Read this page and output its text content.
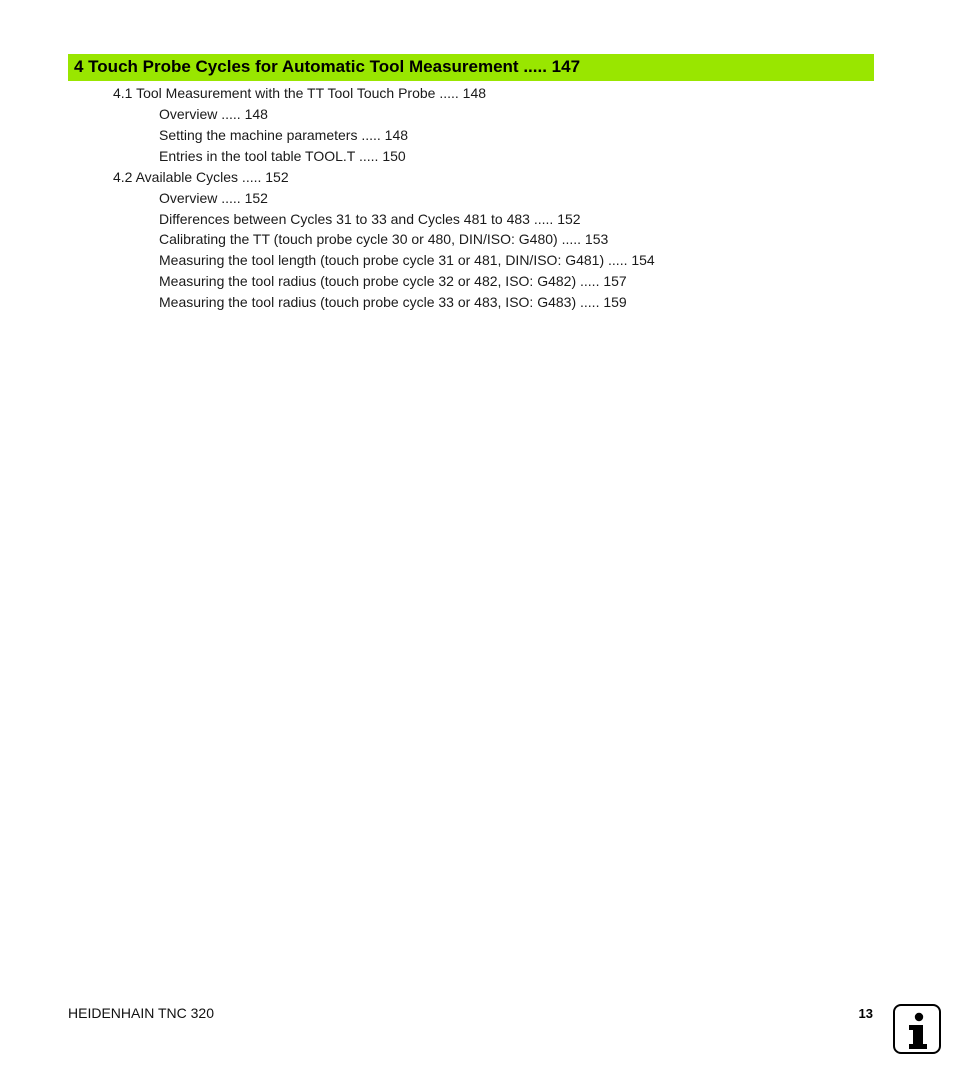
4 Touch Probe Cycles for Automatic Tool Measurement ..... 147
4.1 Tool Measurement with the TT Tool Touch Probe ..... 148
Overview ..... 148
Setting the machine parameters ..... 148
Entries in the tool table TOOL.T ..... 150
4.2 Available Cycles ..... 152
Overview ..... 152
Differences between Cycles 31 to 33 and Cycles 481 to 483 ..... 152
Calibrating the TT (touch probe cycle 30 or 480, DIN/ISO: G480) ..... 153
Measuring the tool length (touch probe cycle 31 or 481, DIN/ISO: G481) ..... 154
Measuring the tool radius (touch probe cycle 32 or 482, ISO: G482) ..... 157
Measuring the tool radius (touch probe cycle 33 or 483, ISO: G483) ..... 159
HEIDENHAIN TNC 320	13
